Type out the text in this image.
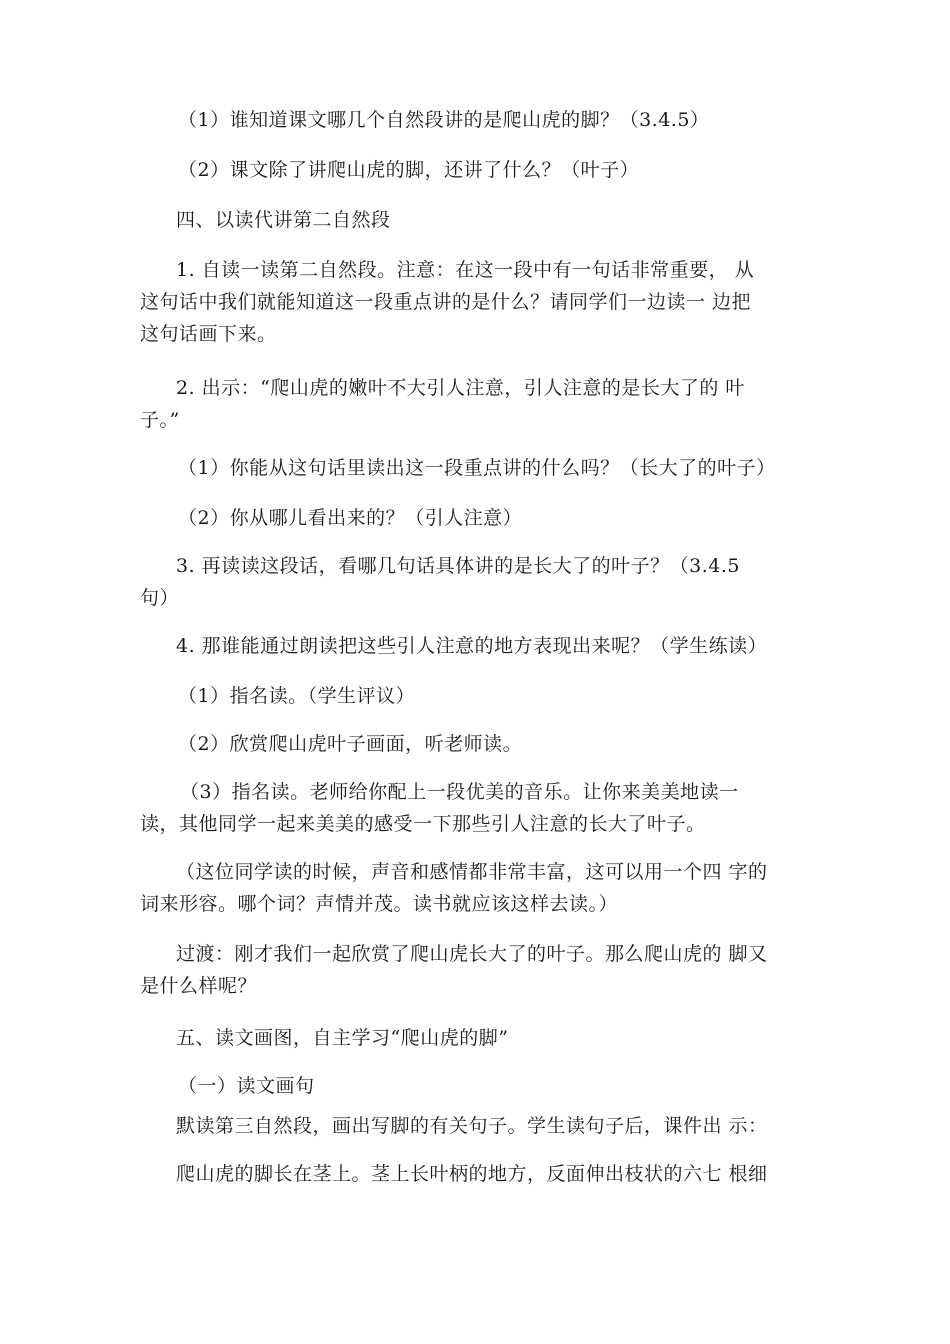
（1）谁知道课文哪几个自然段讲的是爬山虎的脚？（3.4.5）

（2）课文除了讲爬山虎的脚，还讲了什么？（叶子）

四、以读代讲第二自然段

1. 自读一读第二自然段。注意：在这一段中有一句话非常重要， 从
这句话中我们就能知道这一段重点讲的是什么？请同学们一边读一 边把
这句话画下来。

2. 出示：“爬山虎的嫩叶不大引人注意，引人注意的是长大了的 叶
子。”

（1）你能从这句话里读出这一段重点讲的什么吗？（长大了的叶子）

（2）你从哪儿看出来的？（引人注意）

3. 再读读这段话，看哪几句话具体讲的是长大了的叶子？（3.4.5
句）

4. 那谁能通过朗读把这些引人注意的地方表现出来呢？（学生练读）

（1）指名读。（学生评议）

（2）欣赏爬山虎叶子画面，听老师读。

（3）指名读。老师给你配上一段优美的音乐。让你来美美地读一
读，其他同学一起来美美的感受一下那些引人注意的长大了叶子。

（这位同学读的时候，声音和感情都非常丰富，这可以用一个四 字的
词来形容。哪个词？声情并茂。读书就应该这样去读。）

过渡：刚才我们一起欣赏了爬山虎长大了的叶子。那么爬山虎的 脚又
是什么样呢？

五、读文画图，自主学习“爬山虎的脚”

（一）读文画句

默读第三自然段，画出写脚的有关句子。学生读句子后，课件出 示：

爬山虎的脚长在茎上。茎上长叶柄的地方，反面伸出枝状的六七 根细
